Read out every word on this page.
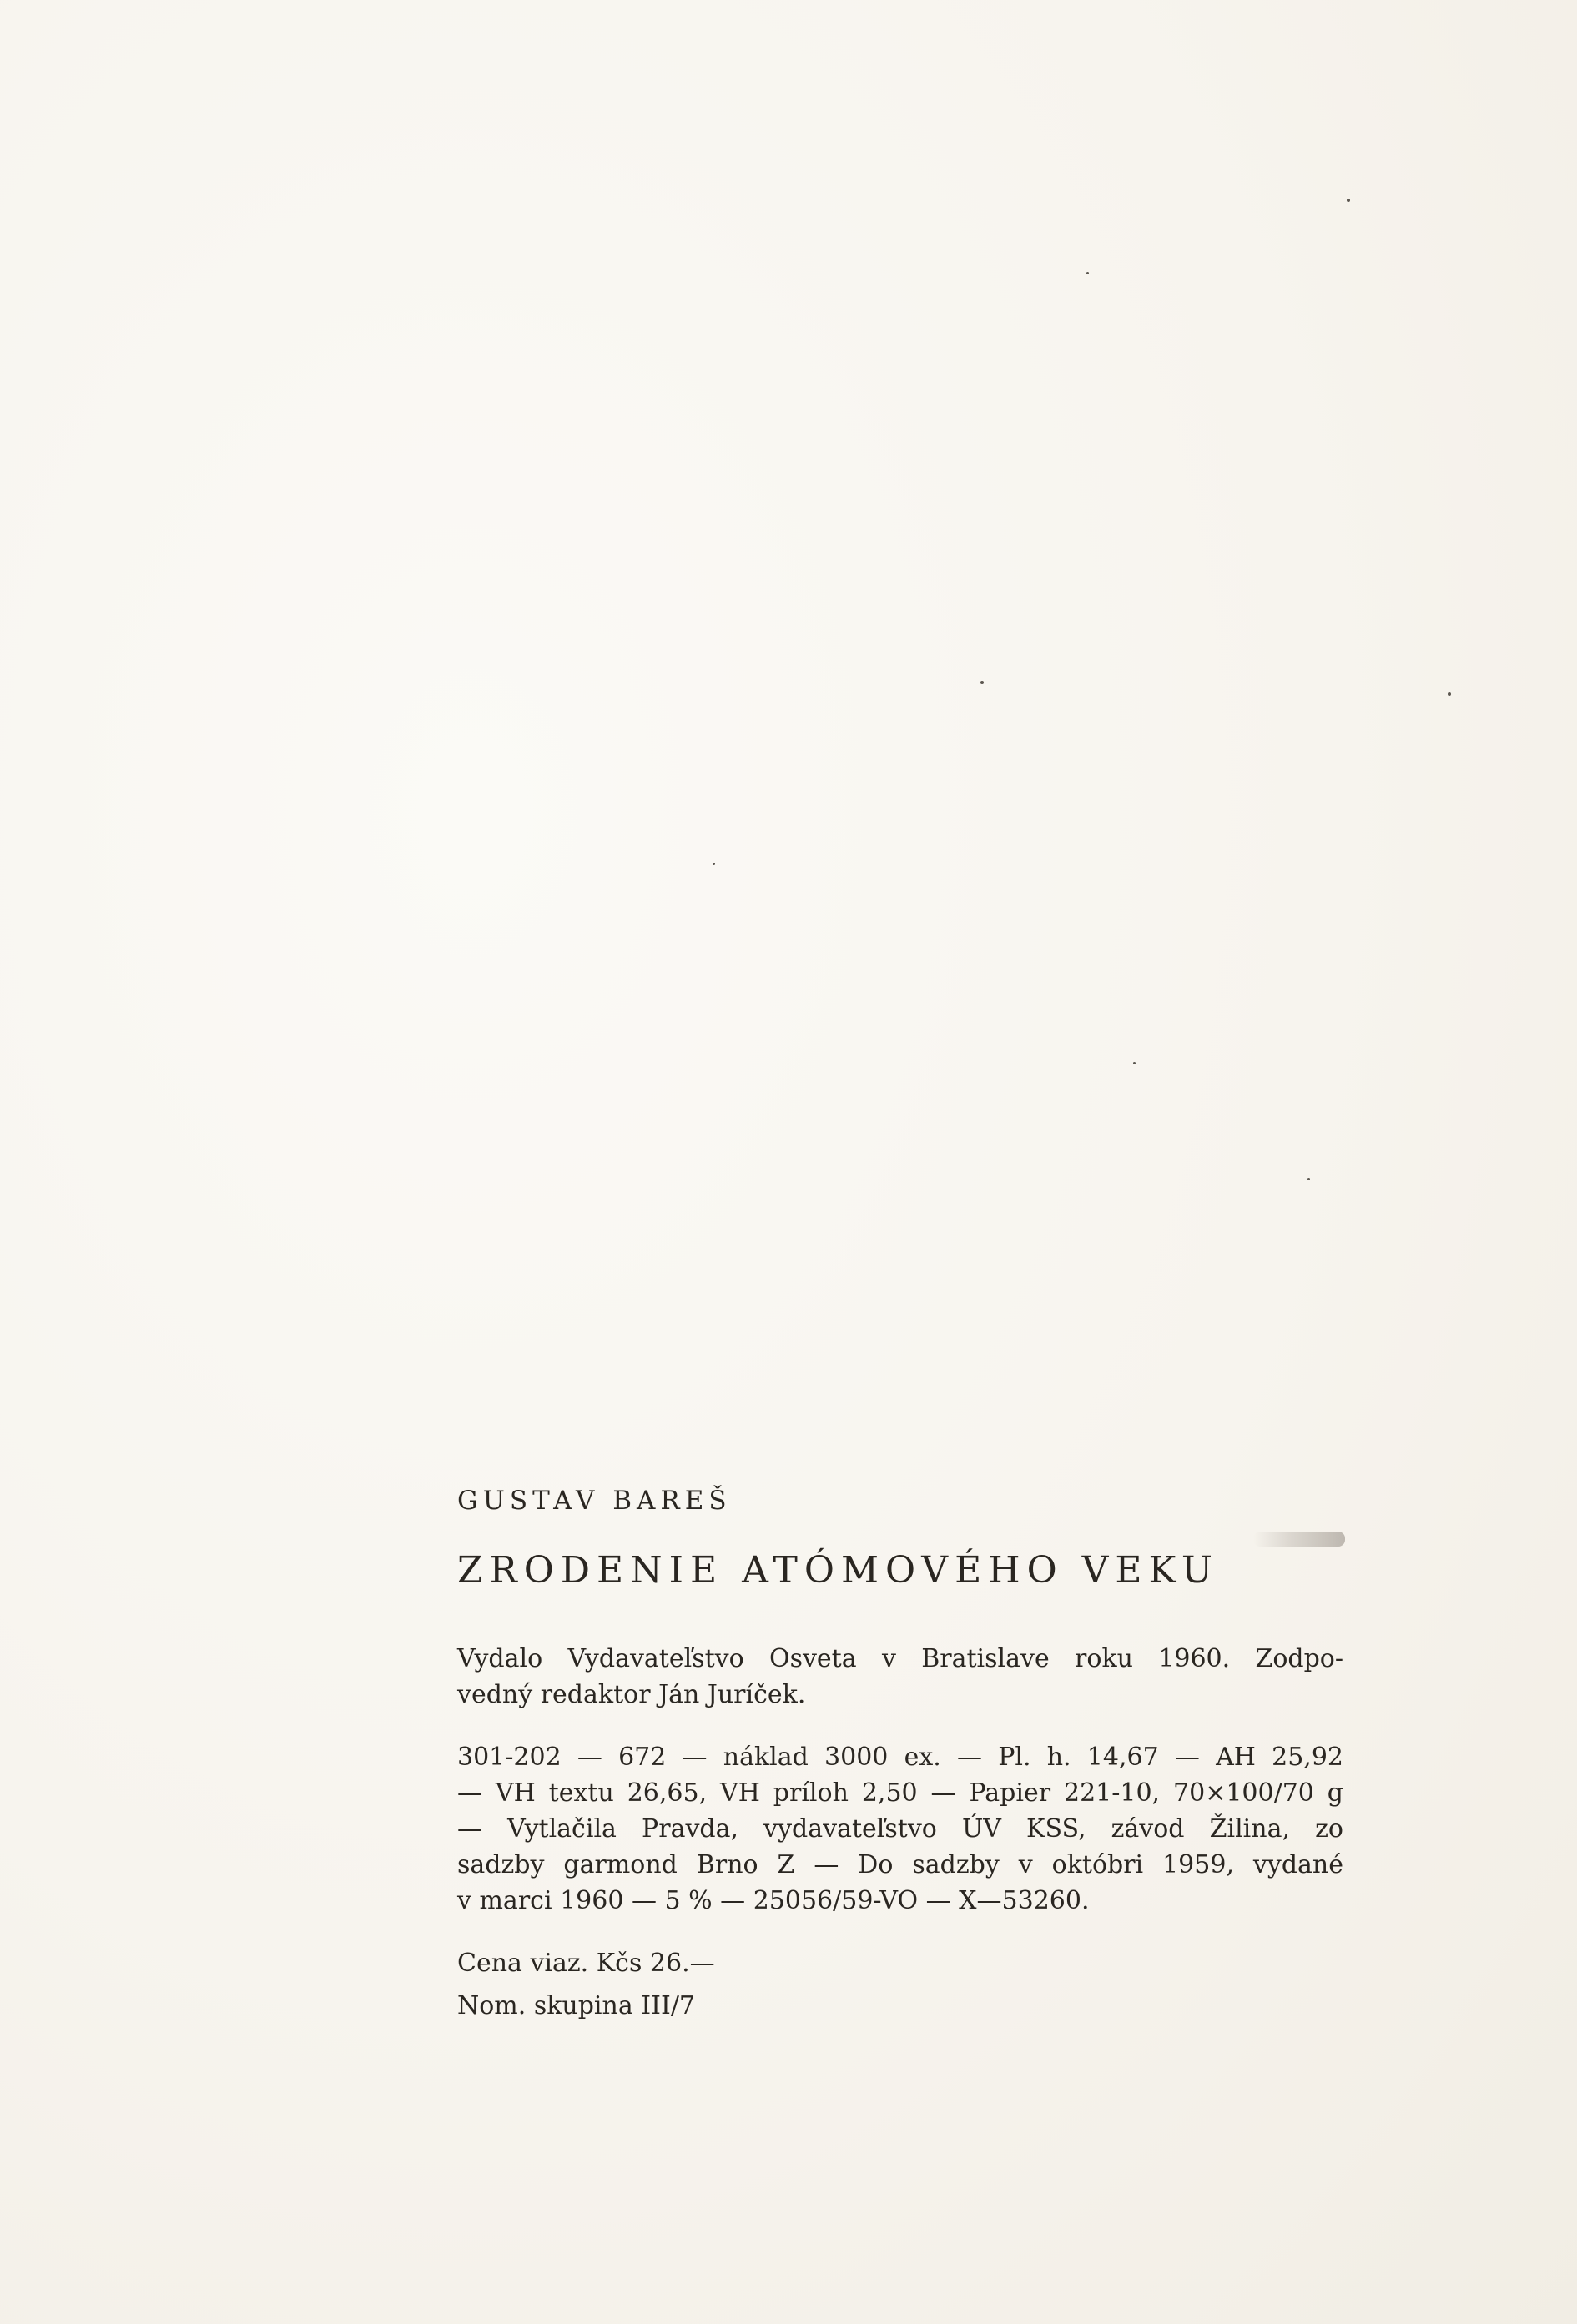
GUSTAV BAREŠ

ZRODENIE ATÓMOVÉHO VEKU

Vydalo Vydavateľstvo Osveta v Bratislave roku 1960. Zodpo-
vedný redaktor Ján Juríček.

301-202 — 672 — náklad 3000 ex. — Pl. h. 14,67 — AH 25,92
— VH textu 26,65, VH príloh 2,50 — Papier 221-10, 70×100/70 g
— Vytlačila Pravda, vydavateľstvo ÚV KSS, závod Žilina, zo
sadzby garmond Brno Z — Do sadzby v októbri 1959, vydané
v marci 1960 — 5 % — 25056/59-VO — X—53260.

Cena viaz. Kčs 26.—

Nom. skupina III/7
